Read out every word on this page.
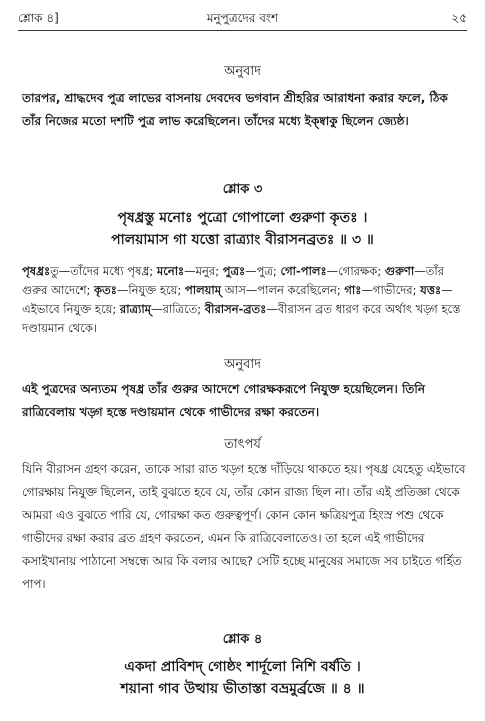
শ্লোক ৪]	মনুপুত্রদের বংশ	২৫
অনুবাদ

তারপর, শ্রাদ্ধদেব পুত্র লাভের বাসনায় দেবদেব ভগবান শ্রীহরির আরাধনা করার ফলে, ঠিক তাঁর নিজের মতো দশটি পুত্র লাভ করেছিলেন। তাঁদের মধ্যে ইক্ষ্বাকু ছিলেন জ্যেষ্ঠ।

শ্লোক ৩
পৃষধ্রস্তু মনোঃ পুত্রো গোপালো গুরুণা কৃতঃ ।
পালয়ামাস গা যত্তো রাত্র্যাং বীরাসনব্রতঃ ॥ ৩ ॥

পৃষধ্রঃতু—তাঁদের মধ্যে পৃষধ্র; মনোঃ—মনুর; পুত্রঃ—পুত্র; গো-পালঃ—গোরক্ষক; গুরুণা—তাঁর গুরুর আদেশে; কৃতঃ—নিযুক্ত হয়ে; পালয়াম্ আস—পালন করেছিলেন; গাঃ—গাভীদের; যত্তঃ—এইভাবে নিযুক্ত হয়ে; রাত্র্যাম্—রাত্রিতে; বীরাসন-ব্রতঃ—বীরাসন ব্রত ধারণ করে অর্থাৎ খড়্গ হস্তে দণ্ডায়মান থেকে।

অনুবাদ

এই পুত্রদের অন্যতম পৃষধ্র তাঁর গুরুর আদেশে গোরক্ষকরূপে নিযুক্ত হয়েছিলেন। তিনি রাত্রিবেলায় খড়্গ হস্তে দণ্ডায়মান থেকে গাভীদের রক্ষা করতেন।

তাৎপর্য

যিনি বীরাসন গ্রহণ করেন, তাকে সারা রাত খড়্গ হস্তে দাঁড়িয়ে থাকতে হয়। পৃষধ্র যেহেতু এইভাবে গোরক্ষায় নিযুক্ত ছিলেন, তাই বুঝতে হবে যে, তাঁর কোন রাজ্য ছিল না। তাঁর এই প্রতিজ্ঞা থেকে আমরা এও বুঝতে পারি যে, গোরক্ষা কত গুরুত্বপূর্ণ। কোন কোন ক্ষত্রিয়পুত্র হিংস্র পশু থেকে গাভীদের রক্ষা করার ব্রত গ্রহণ করতেন, এমন কি রাত্রিবেলাতেও। তা হলে এই গাভীদের কসাইখানায় পাঠানো সম্বন্ধে আর কি বলার আছে? সেটি হচ্ছে মানুষের সমাজে সব চাইতে গর্হিত পাপ।

শ্লোক ৪
একদা প্রাবিশদ্ গোষ্ঠং শার্দূলো নিশি বর্ষতি ।
শয়ানা গাব উত্থায় ভীতাস্তা বভ্রমুর্ব্রজে ॥ ৪ ॥
